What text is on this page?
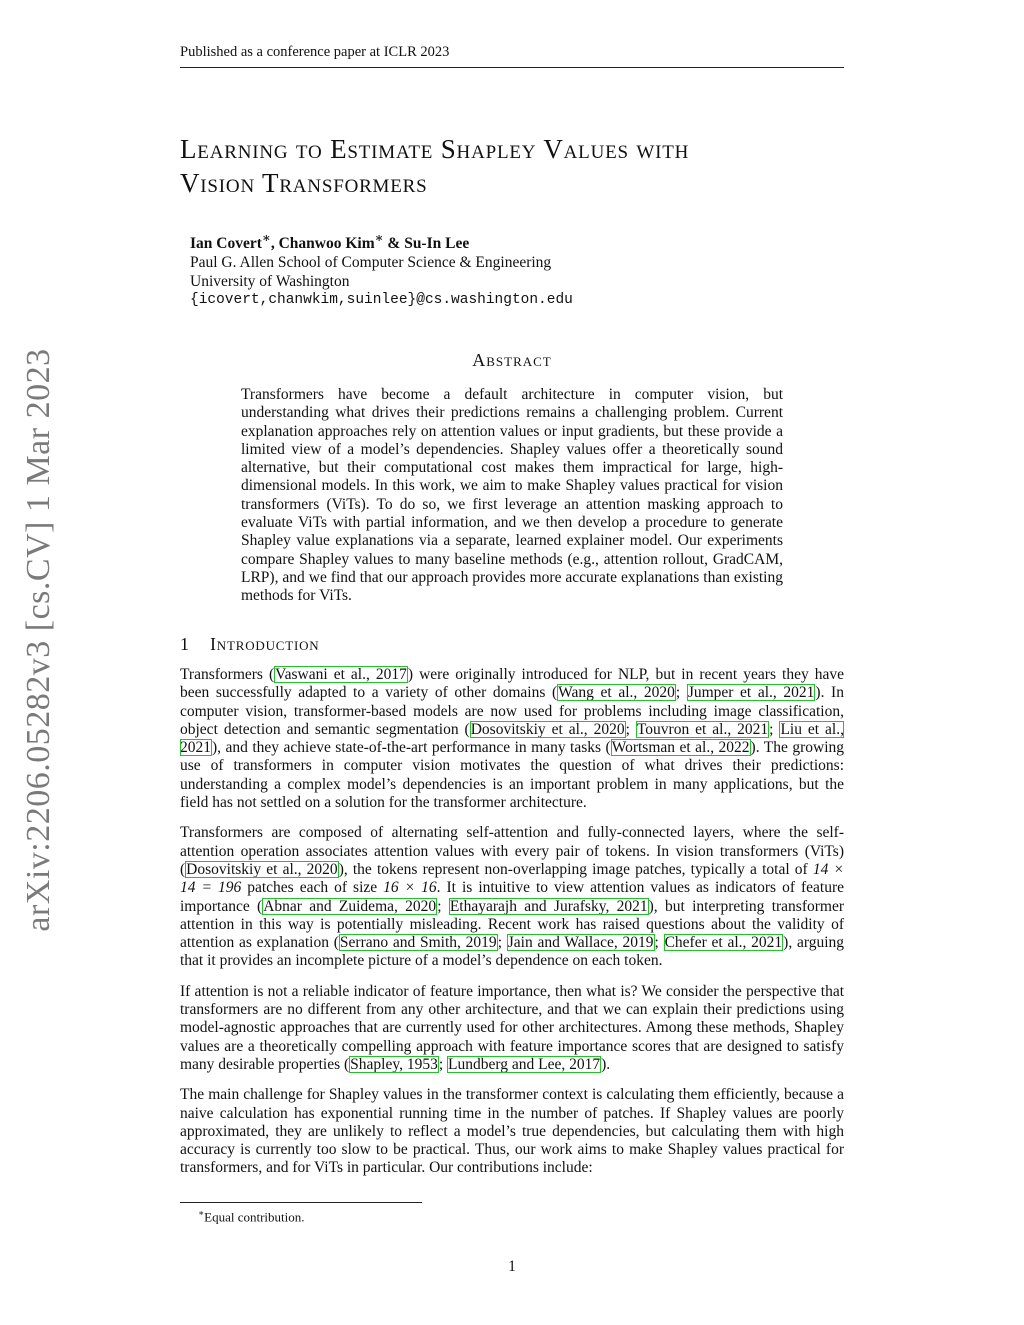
Published as a conference paper at ICLR 2023
arXiv:2206.05282v3 [cs.CV] 1 Mar 2023
Learning to Estimate Shapley Values with
Vision Transformers
Ian Covert∗, Chanwoo Kim∗ & Su-In Lee
Paul G. Allen School of Computer Science & Engineering
University of Washington
{icovert,chanwkim,suinlee}@cs.washington.edu
Abstract
Transformers have become a default architecture in computer vision, but understanding what drives their predictions remains a challenging problem. Current explanation approaches rely on attention values or input gradients, but these provide a limited view of a model’s dependencies. Shapley values offer a theoretically sound alternative, but their computational cost makes them impractical for large, high-dimensional models. In this work, we aim to make Shapley values practical for vision transformers (ViTs). To do so, we first leverage an attention masking approach to evaluate ViTs with partial information, and we then develop a procedure to generate Shapley value explanations via a separate, learned explainer model. Our experiments compare Shapley values to many baseline methods (e.g., attention rollout, GradCAM, LRP), and we find that our approach provides more accurate explanations than existing methods for ViTs.
1 Introduction

Transformers (Vaswani et al., 2017) were originally introduced for NLP, but in recent years they have been successfully adapted to a variety of other domains (Wang et al., 2020; Jumper et al., 2021). In computer vision, transformer-based models are now used for problems including image classification, object detection and semantic segmentation (Dosovitskiy et al., 2020; Touvron et al., 2021; Liu et al., 2021), and they achieve state-of-the-art performance in many tasks (Wortsman et al., 2022). The growing use of transformers in computer vision motivates the question of what drives their predictions: understanding a complex model’s dependencies is an important problem in many applications, but the field has not settled on a solution for the transformer architecture.

Transformers are composed of alternating self-attention and fully-connected layers, where the self-attention operation associates attention values with every pair of tokens. In vision transformers (ViTs) (Dosovitskiy et al., 2020), the tokens represent non-overlapping image patches, typically a total of 14 × 14 = 196 patches each of size 16 × 16. It is intuitive to view attention values as indicators of feature importance (Abnar and Zuidema, 2020; Ethayarajh and Jurafsky, 2021), but interpreting transformer attention in this way is potentially misleading. Recent work has raised questions about the validity of attention as explanation (Serrano and Smith, 2019; Jain and Wallace, 2019; Chefer et al., 2021), arguing that it provides an incomplete picture of a model’s dependence on each token.

If attention is not a reliable indicator of feature importance, then what is? We consider the perspective that transformers are no different from any other architecture, and that we can explain their predictions using model-agnostic approaches that are currently used for other architectures. Among these methods, Shapley values are a theoretically compelling approach with feature importance scores that are designed to satisfy many desirable properties (Shapley, 1953; Lundberg and Lee, 2017).

The main challenge for Shapley values in the transformer context is calculating them efficiently, because a naive calculation has exponential running time in the number of patches. If Shapley values are poorly approximated, they are unlikely to reflect a model’s true dependencies, but calculating them with high accuracy is currently too slow to be practical. Thus, our work aims to make Shapley values practical for transformers, and for ViTs in particular. Our contributions include:

∗Equal contribution.
1
